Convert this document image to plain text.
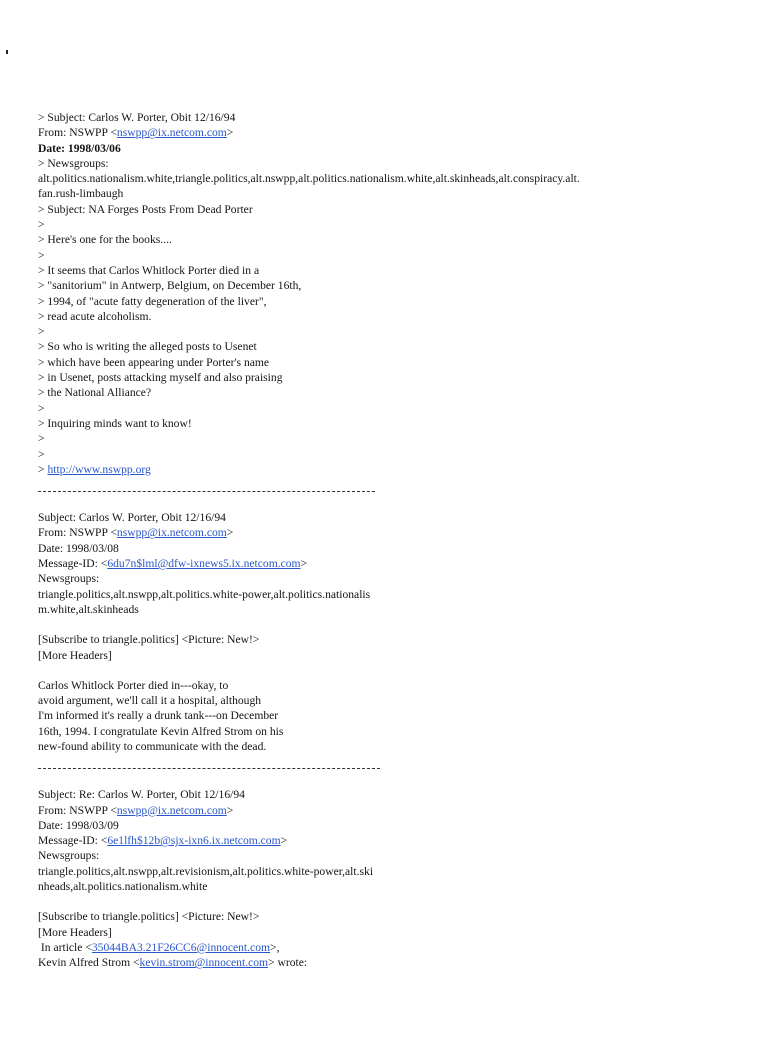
> Subject: Carlos W. Porter, Obit 12/16/94

From: NSWPP <nswpp@ix.netcom.com>

Date: 1998/03/06

> Newsgroups:

alt.politics.nationalism.white,triangle.politics,alt.nswpp,alt.politics.nationalism.white,alt.skinheads,alt.conspiracy.alt.

fan.rush-limbaugh

> Subject: NA Forges Posts From Dead Porter

>

> Here's one for the books....

>

> It seems that Carlos Whitlock Porter died in a

> "sanitorium" in Antwerp, Belgium, on December 16th,

> 1994, of "acute fatty degeneration of the liver",

> read acute alcoholism.

>

> So who is writing the alleged posts to Usenet

> which have been appearing under Porter's name

> in Usenet, posts attacking myself and also praising

> the National Alliance?

>

> Inquiring minds want to know!

>

>

> http://www.nswpp.org

Subject: Carlos W. Porter, Obit 12/16/94

From: NSWPP <nswpp@ix.netcom.com>

Date: 1998/03/08

Message-ID: <6du7n$lml@dfw-ixnews5.ix.netcom.com>

Newsgroups:

triangle.politics,alt.nswpp,alt.politics.white-power,alt.politics.nationalis

m.white,alt.skinheads

[Subscribe to triangle.politics] <Picture: New!>

[More Headers]

Carlos Whitlock Porter died in---okay, to

avoid argument, we'll call it a hospital, although

I'm informed it's really a drunk tank---on December

16th, 1994. I congratulate Kevin Alfred Strom on his

new-found ability to communicate with the dead.

Subject: Re: Carlos W. Porter, Obit 12/16/94

From: NSWPP <nswpp@ix.netcom.com>

Date: 1998/03/09

Message-ID: <6e1lfh$12b@sjx-ixn6.ix.netcom.com>

Newsgroups:

triangle.politics,alt.nswpp,alt.revisionism,alt.politics.white-power,alt.ski

nheads,alt.politics.nationalism.white

[Subscribe to triangle.politics] <Picture: New!>

[More Headers]

In article <35044BA3.21F26CC6@innocent.com>,

Kevin Alfred Strom <kevin.strom@innocent.com> wrote:
